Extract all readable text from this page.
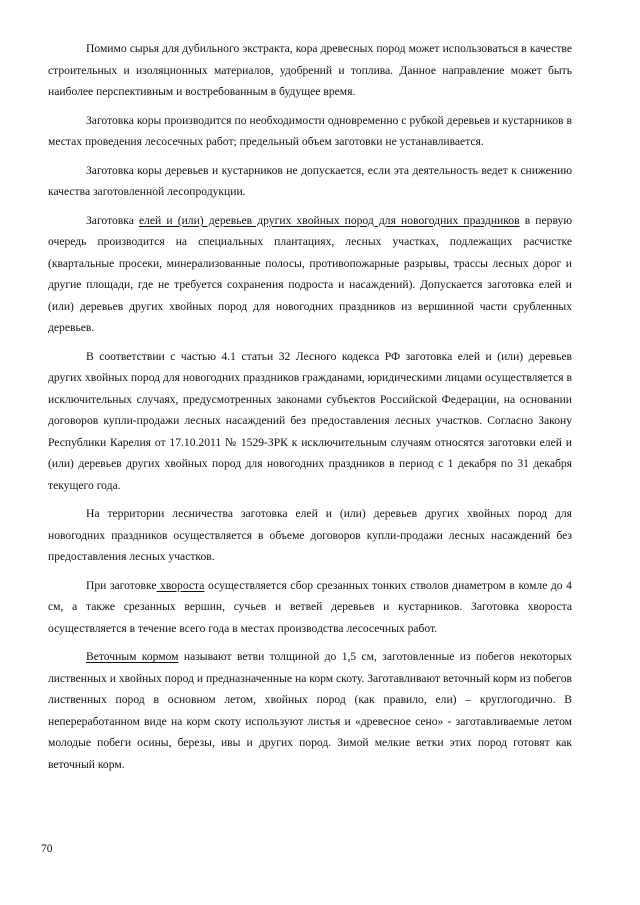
Помимо сырья для дубильного экстракта, кора древесных пород может использоваться в качестве строительных и изоляционных материалов, удобрений и топлива. Данное направление может быть наиболее перспективным и востребованным в будущее время.

Заготовка коры производится по необходимости одновременно с рубкой деревьев и кустарников в местах проведения лесосечных работ; предельный объем заготовки не устанавливается.

Заготовка коры деревьев и кустарников не допускается, если эта деятельность ведет к снижению качества заготовленной лесопродукции.

Заготовка елей и (или) деревьев других хвойных пород для новогодних праздников в первую очередь производится на специальных плантациях, лесных участках, подлежащих расчистке (квартальные просеки, минерализованные полосы, противопожарные разрывы, трассы лесных дорог и другие площади, где не требуется сохранения подроста и насаждений). Допускается заготовка елей и (или) деревьев других хвойных пород для новогодних праздников из вершинной части срубленных деревьев.

В соответствии с частью 4.1 статьи 32 Лесного кодекса РФ заготовка елей и (или) деревьев других хвойных пород для новогодних праздников гражданами, юридическими лицами осуществляется в исключительных случаях, предусмотренных законами субъектов Российской Федерации, на основании договоров купли-продажи лесных насаждений без предоставления лесных участков. Согласно Закону Республики Карелия от 17.10.2011 № 1529-ЗРК к исключительным случаям относятся заготовки елей и (или) деревьев других хвойных пород для новогодних праздников в период с 1 декабря по 31 декабря текущего года.

На территории лесничества заготовка елей и (или) деревьев других хвойных пород для новогодних праздников осуществляется в объеме договоров купли-продажи лесных насаждений без предоставления лесных участков.

При заготовке хвороста осуществляется сбор срезанных тонких стволов диаметром в комле до 4 см, а также срезанных вершин, сучьев и ветвей деревьев и кустарников. Заготовка хвороста осуществляется в течение всего года в местах производства лесосечных работ.

Веточным кормом называют ветви толщиной до 1,5 см, заготовленные из побегов некоторых лиственных и хвойных пород и предназначенные на корм скоту. Заготавливают веточный корм из побегов лиственных пород в основном летом, хвойных пород (как правило, ели) – круглогодично. В непереработанном виде на корм скоту используют листья и «древесное сено» - заготавливаемые летом молодые побеги осины, березы, ивы и других пород. Зимой мелкие ветки этих пород готовят как веточный корм.

70
